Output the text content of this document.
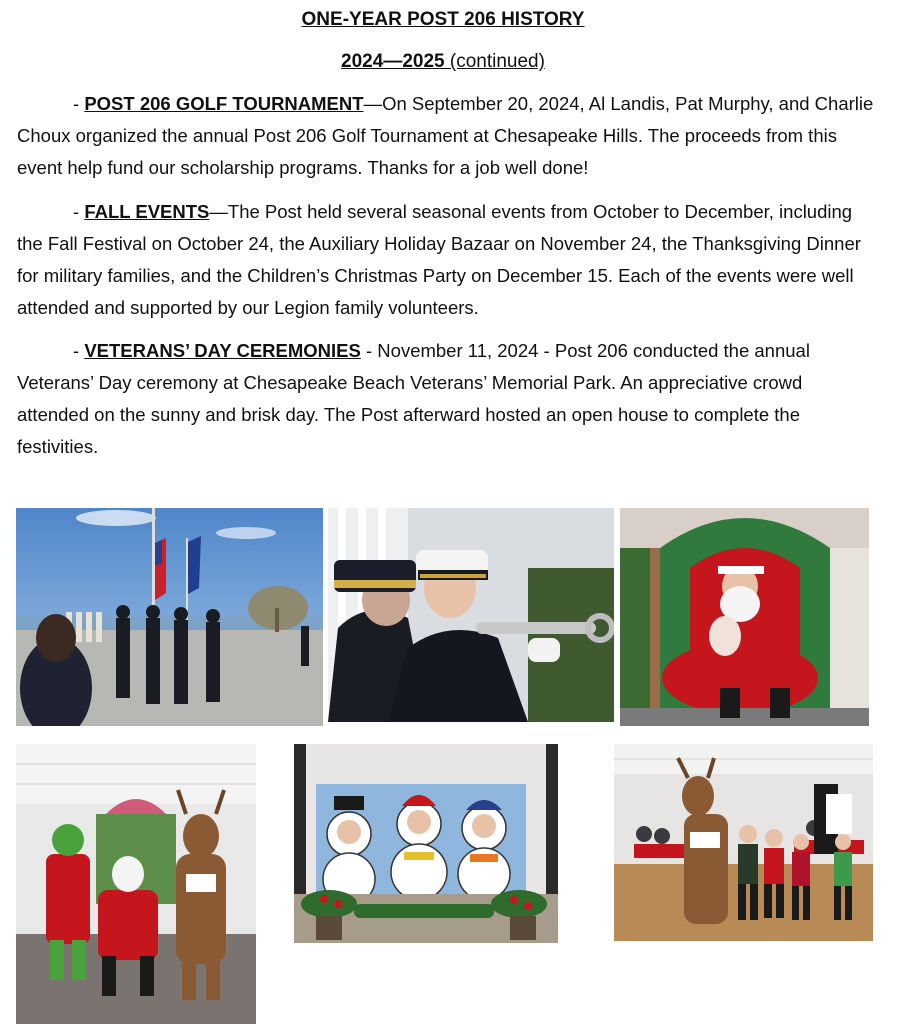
ONE-YEAR POST 206 HISTORY
2024—2025 (continued)
- POST 206 GOLF TOURNAMENT—On September 20, 2024, Al Landis, Pat Murphy, and Charlie Choux organized the annual Post 206 Golf Tournament at Chesapeake Hills. The proceeds from this event help fund our scholarship programs. Thanks for a job well done!
- FALL EVENTS—The Post held several seasonal events from October to December, including the Fall Festival on October 24, the Auxiliary Holiday Bazaar on November 24, the Thanksgiving Dinner for military families, and the Children’s Christmas Party on December 15. Each of the events were well attended and supported by our Legion family volunteers.
- VETERANS’ DAY CEREMONIES - November 11, 2024 - Post 206 conducted the annual Veterans’ Day ceremony at Chesapeake Beach Veterans’ Memorial Park. An appreciative crowd attended on the sunny and brisk day. The Post afterward hosted an open house to complete the festivities.
